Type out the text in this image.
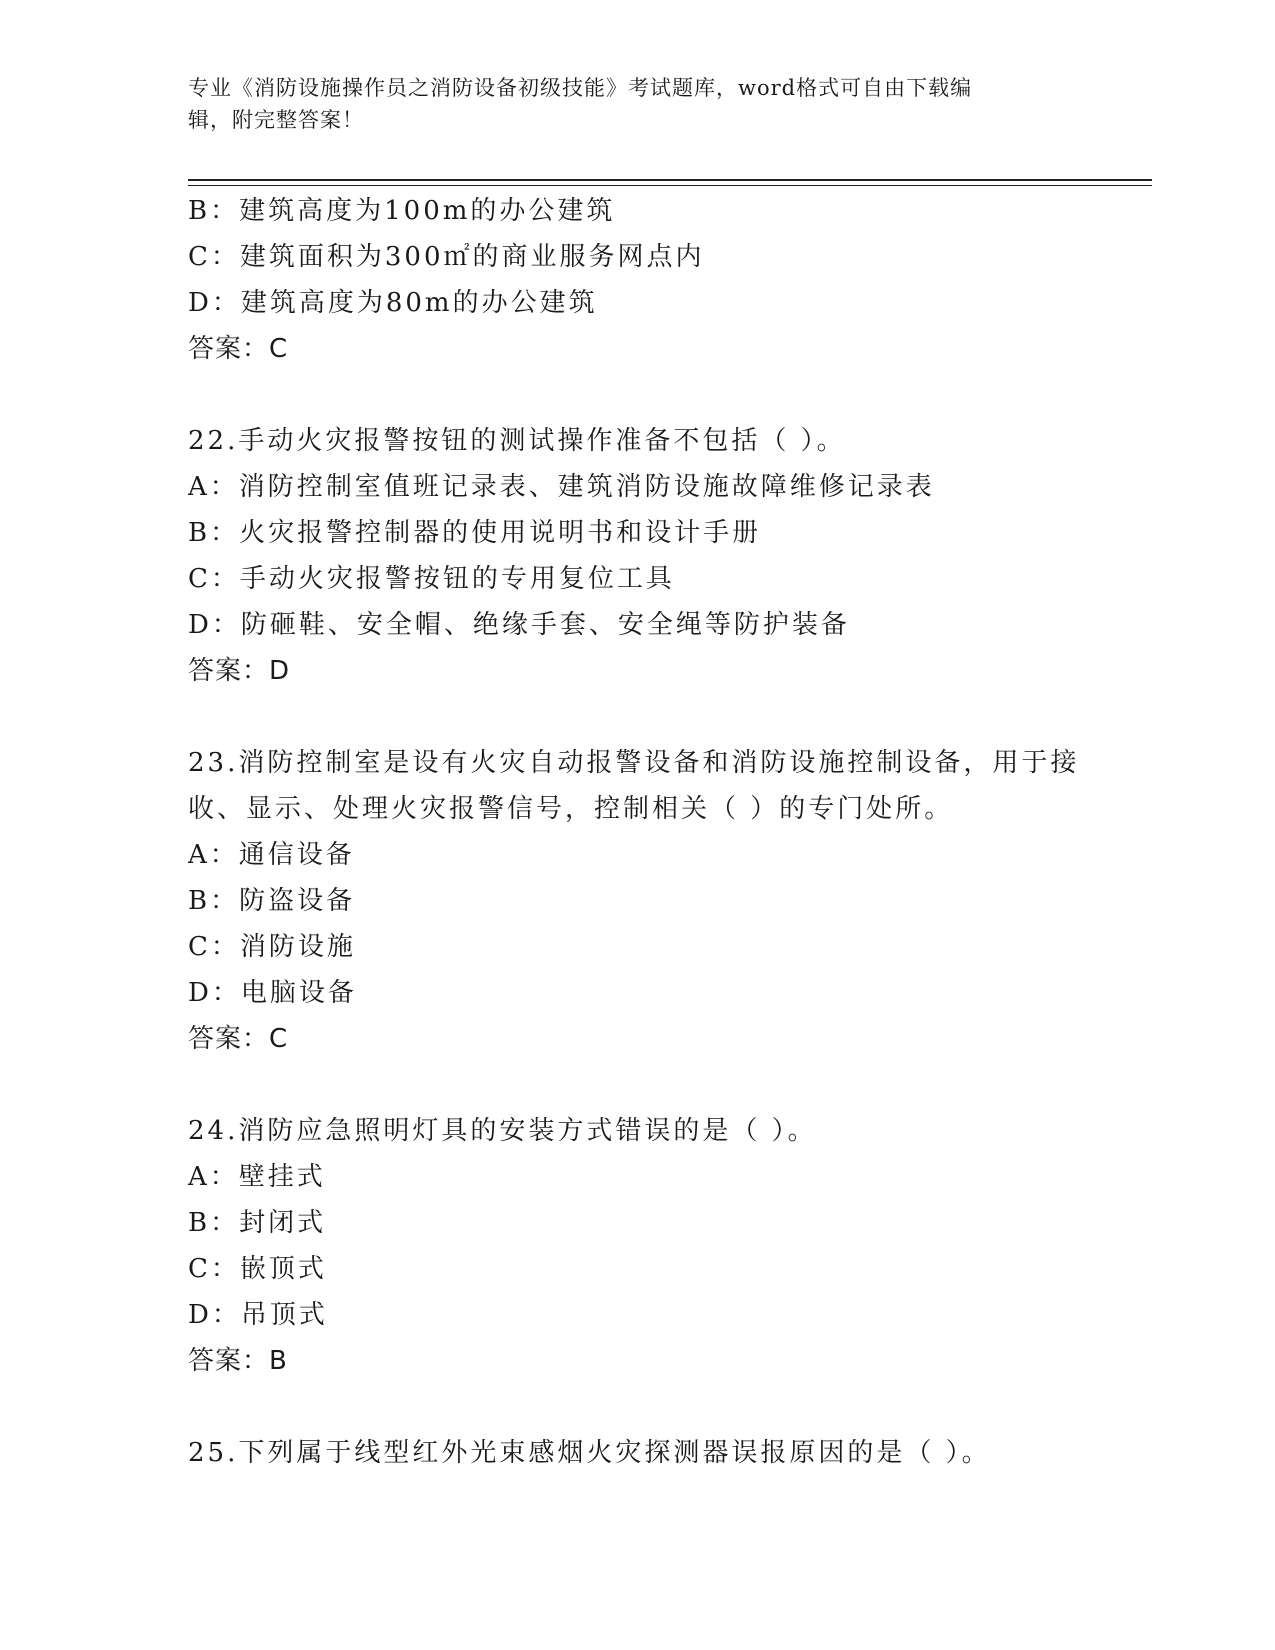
专业《消防设施操作员之消防设备初级技能》考试题库，word格式可自由下载编
辑，附完整答案！
B：建筑高度为100m的办公建筑
C：建筑面积为300㎡的商业服务网点内
D：建筑高度为80m的办公建筑
答案：C
22.手动火灾报警按钮的测试操作准备不包括（ ）。
A：消防控制室值班记录表、建筑消防设施故障维修记录表
B：火灾报警控制器的使用说明书和设计手册
C：手动火灾报警按钮的专用复位工具
D：防砸鞋、安全帽、绝缘手套、安全绳等防护装备
答案：D
23.消防控制室是设有火灾自动报警设备和消防设施控制设备，用于接
收、显示、处理火灾报警信号，控制相关（ ）的专门处所。
A：通信设备
B：防盗设备
C：消防设施
D：电脑设备
答案：C
24.消防应急照明灯具的安装方式错误的是（ ）。
A：壁挂式
B：封闭式
C：嵌顶式
D：吊顶式
答案：B
25.下列属于线型红外光束感烟火灾探测器误报原因的是（ ）。
